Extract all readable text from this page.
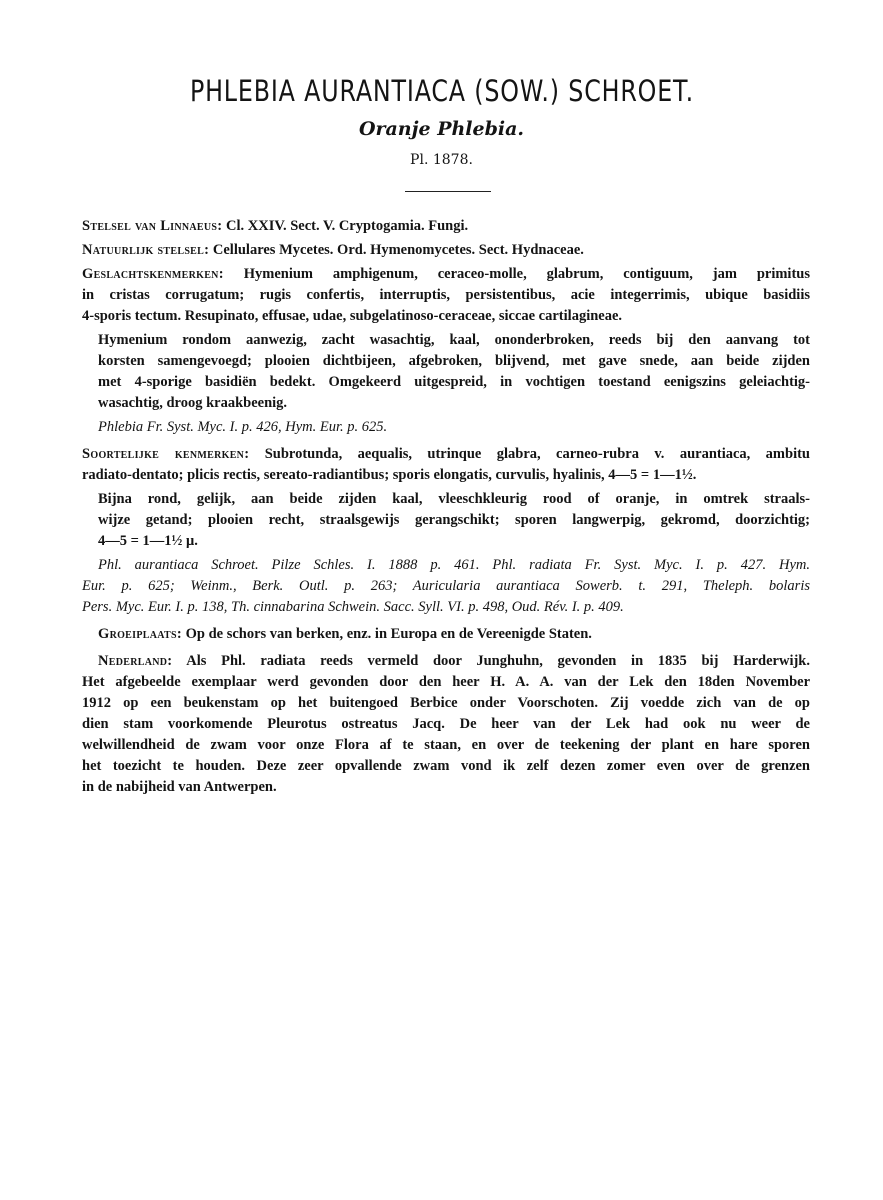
PHLEBIA AURANTIACA (SOW.) SCHROET.
Oranje Phlebia.
Pl. 1878.

Stelsel van Linnaeus: Cl. XXIV. Sect. V. Cryptogamia. Fungi.

Natuurlijk stelsel: Cellulares Mycetes. Ord. Hymenomycetes. Sect. Hydnaceae.

Geslachtskenmerken: Hymenium amphigenum, ceraceo-molle, glabrum, contiguum, jam primitus
in cristas corrugatum; rugis confertis, interruptis, persistentibus, acie integerrimis, ubique basidiis
4-sporis tectum. Resupinato, effusae, udae, subgelatinoso-ceraceae, siccae cartilagineae.
Hymenium rondom aanwezig, zacht wasachtig, kaal, ononderbroken, reeds bij den aanvang tot
korsten samengevoegd; plooien dichtbijeen, afgebroken, blijvend, met gave snede, aan beide zijden
met 4-sporige basidiën bedekt. Omgekeerd uitgespreid, in vochtigen toestand eenigszins geleiachtig-
wasachtig, droog kraakbeenig.

Phlebia Fr. Syst. Myc. I. p. 426, Hym. Eur. p. 625.

Soortelijke kenmerken: Subrotunda, aequalis, utrinque glabra, carneo-rubra v. aurantiaca, ambitu
radiato-dentato; plicis rectis, sereato-radiantibus; sporis elongatis, curvulis, hyalinis, 4—5 = 1—1½.
Bijna rond, gelijk, aan beide zijden kaal, vleeschkleurig rood of oranje, in omtrek straals-
wijze getand; plooien recht, straalsgewijs gerangschikt; sporen langwerpig, gekromd, doorzichtig;
4—5 = 1—1½ μ.
Phl. aurantiaca Schroet. Pilze Schles. I. 1888 p. 461. Phl. radiata Fr. Syst. Myc. I. p. 427. Hym.
Eur. p. 625; Weinm., Berk. Outl. p. 263; Auricularia aurantiaca Sowerb. t. 291, Theleph. bolaris
Pers. Myc. Eur. I. p. 138, Th. cinnabarina Schwein. Sacc. Syll. VI. p. 498, Oud. Rév. I. p. 409.

Groeiplaats: Op de schors van berken, enz. in Europa en de Vereenigde Staten.

Nederland: Als Phl. radiata reeds vermeld door Junghuhn, gevonden in 1835 bij Harderwijk.
Het afgebeelde exemplaar werd gevonden door den heer H. A. A. van der Lek den 18den November
1912 op een beukenstam op het buitengoed Berbice onder Voorschoten. Zij voedde zich van de op
dien stam voorkomende Pleurotus ostreatus Jacq. De heer van der Lek had ook nu weer de
welwillendheid de zwam voor onze Flora af te staan, en over de teekening der plant en hare sporen
het toezicht te houden. Deze zeer opvallende zwam vond ik zelf dezen zomer even over de grenzen
in de nabijheid van Antwerpen.
